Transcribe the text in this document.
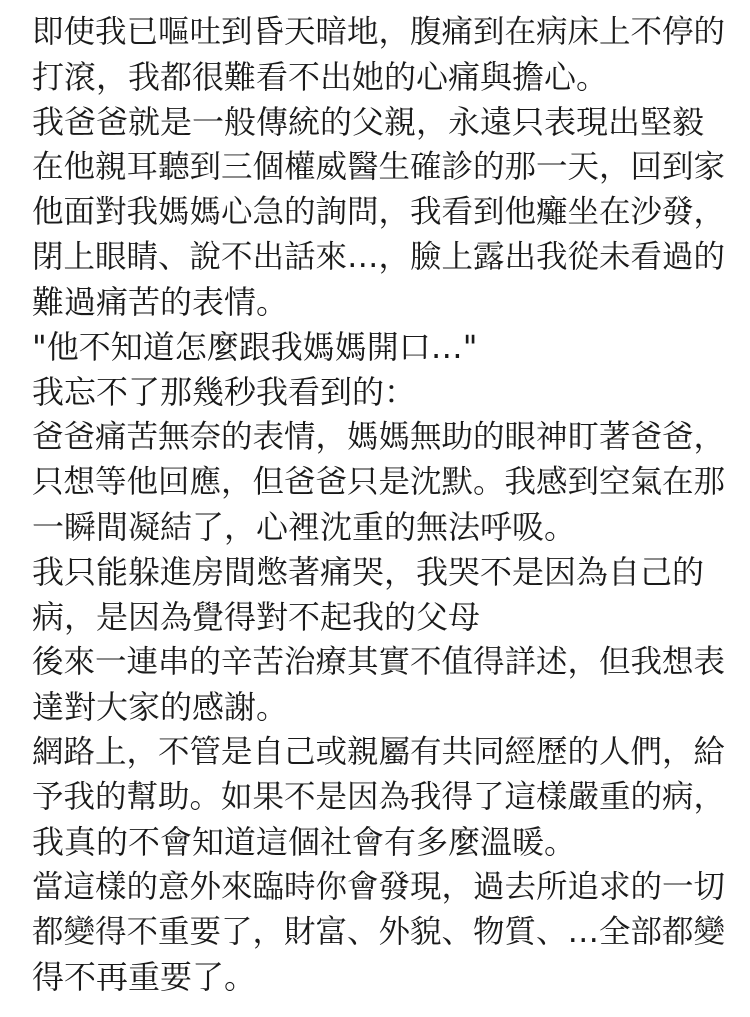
即使我已嘔吐到昏天暗地，腹痛到在病床上不停的
打滾，我都很難看不出她的心痛與擔心。
我爸爸就是一般傳統的父親，永遠只表現出堅毅
在他親耳聽到三個權威醫生確診的那一天，回到家
他面對我媽媽心急的詢問，我看到他癱坐在沙發，
閉上眼睛、說不出話來…，臉上露出我從未看過的
難過痛苦的表情。
"他不知道怎麼跟我媽媽開口…"
我忘不了那幾秒我看到的：
爸爸痛苦無奈的表情，媽媽無助的眼神盯著爸爸，
只想等他回應，但爸爸只是沈默。我感到空氣在那
一瞬間凝結了，心裡沈重的無法呼吸。
我只能躲進房間憋著痛哭，我哭不是因為自己的
病，是因為覺得對不起我的父母
後來一連串的辛苦治療其實不值得詳述，但我想表
達對大家的感謝。
網路上，不管是自己或親屬有共同經歷的人們，給
予我的幫助。如果不是因為我得了這樣嚴重的病，
我真的不會知道這個社會有多麼溫暖。
當這樣的意外來臨時你會發現，過去所追求的一切
都變得不重要了，財富、外貌、物質、…全部都變
得不再重要了。
